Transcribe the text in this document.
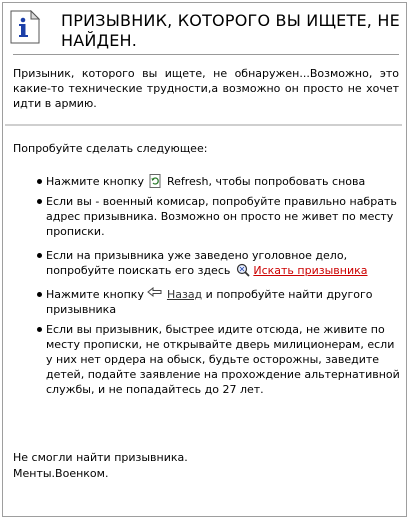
ПРИЗЫВНИК, КОТОРОГО ВЫ ИЩЕТЕ, НЕ НАЙДЕН.
Призыник, которого вы ищете, не обнаружен...Возможно, это какие-то технические трудности,а возможно он просто не хочет идти в армию.
Попробуйте сделать следующее:
Нажмите кнопку  Refresh, чтобы попробовать снова
Если вы - военный комисар, попробуйте правильно набрать адрес призывника. Возможно он просто не живет по месту прописки.
Если на призывника уже заведено уголовное дело, попробуйте поискать его здесь  Искать призывника
Нажмите кнопку  Назад и попробуйте найти другого призывника
Если вы призывник, быстрее идите отсюда, не живите по месту прописки, не открывайте дверь милиционерам, если у них нет ордера на обыск, будьте осторожны, заведите детей, подайте заявление на прохождение альтернативной службы, и не попадайтесь до 27 лет.
Не смогли найти призывника.
Менты.Военком.
